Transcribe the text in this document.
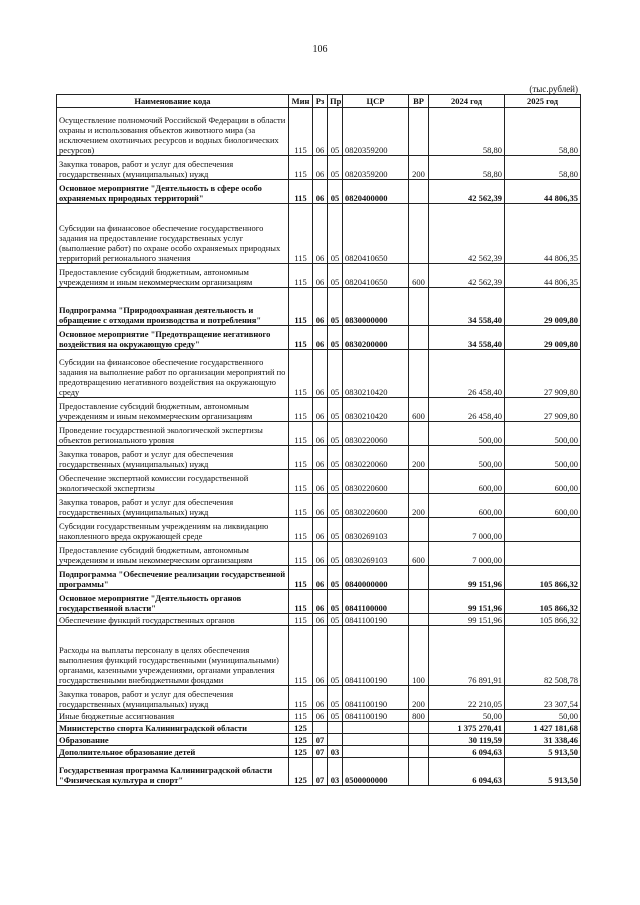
106
(тыс.рублей)
Наименование кода	Мин	Рз	Пр	ЦСР	ВР	2024 год	2025 год
Осуществление полномочий Российской Федерации в области охраны и использования объектов животного мира (за исключением охотничьих ресурсов и водных биологических ресурсов)	115	06	05	0820359200		58,80	58,80
Закупка товаров, работ и услуг для обеспечения государственных (муниципальных) нужд	115	06	05	0820359200	200	58,80	58,80
Основное мероприятие "Деятельность в сфере особо охраняемых природных территорий"	115	06	05	0820400000		42 562,39	44 806,35
Субсидии на финансовое обеспечение государственного задания на предоставление государственных услуг (выполнение работ) по охране особо охраняемых природных территорий регионального значения	115	06	05	0820410650		42 562,39	44 806,35
Предоставление субсидий бюджетным, автономным учреждениям и иным некоммерческим организациям	115	06	05	0820410650	600	42 562,39	44 806,35
Подпрограмма "Природоохранная деятельность и обращение с отходами производства и потребления"	115	06	05	0830000000		34 558,40	29 009,80
Основное мероприятие "Предотвращение негативного воздействия на окружающую среду"	115	06	05	0830200000		34 558,40	29 009,80
Субсидии на финансовое обеспечение государственного задания на выполнение работ по организации мероприятий по предотвращению негативного воздействия на окружающую среду	115	06	05	0830210420		26 458,40	27 909,80
Предоставление субсидий бюджетным, автономным учреждениям и иным некоммерческим организациям	115	06	05	0830210420	600	26 458,40	27 909,80
Проведение государственной экологической экспертизы объектов регионального уровня	115	06	05	0830220060		500,00	500,00
Закупка товаров, работ и услуг для обеспечения государственных (муниципальных) нужд	115	06	05	0830220060	200	500,00	500,00
Обеспечение экспертной комиссии государственной экологической экспертизы	115	06	05	0830220600		600,00	600,00
Закупка товаров, работ и услуг для обеспечения государственных (муниципальных) нужд	115	06	05	0830220600	200	600,00	600,00
Субсидии государственным учреждениям на ликвидацию накопленного вреда окружающей среде	115	06	05	0830269103		7 000,00	
Предоставление субсидий бюджетным, автономным учреждениям и иным некоммерческим организациям	115	06	05	0830269103	600	7 000,00	
Подпрограмма "Обеспечение реализации государственной программы"	115	06	05	0840000000		99 151,96	105 866,32
Основное мероприятие "Деятельность органов государственной власти"	115	06	05	0841100000		99 151,96	105 866,32
Обеспечение функций государственных органов	115	06	05	0841100190		99 151,96	105 866,32
Расходы на выплаты персоналу в целях обеспечения выполнения функций государственными (муниципальными) органами, казенными учреждениями, органами управления государственными внебюджетными фондами	115	06	05	0841100190	100	76 891,91	82 508,78
Закупка товаров, работ и услуг для обеспечения государственных (муниципальных) нужд	115	06	05	0841100190	200	22 210,05	23 307,54
Иные бюджетные ассигнования	115	06	05	0841100190	800	50,00	50,00
Министерство спорта Калининградской области	125					1 375 270,41	1 427 181,68
Образование	125	07				30 119,59	31 338,46
Дополнительное образование детей	125	07	03			6 094,63	5 913,50
Государственная программа Калининградской области "Физическая культура и спорт"	125	07	03	0500000000		6 094,63	5 913,50
